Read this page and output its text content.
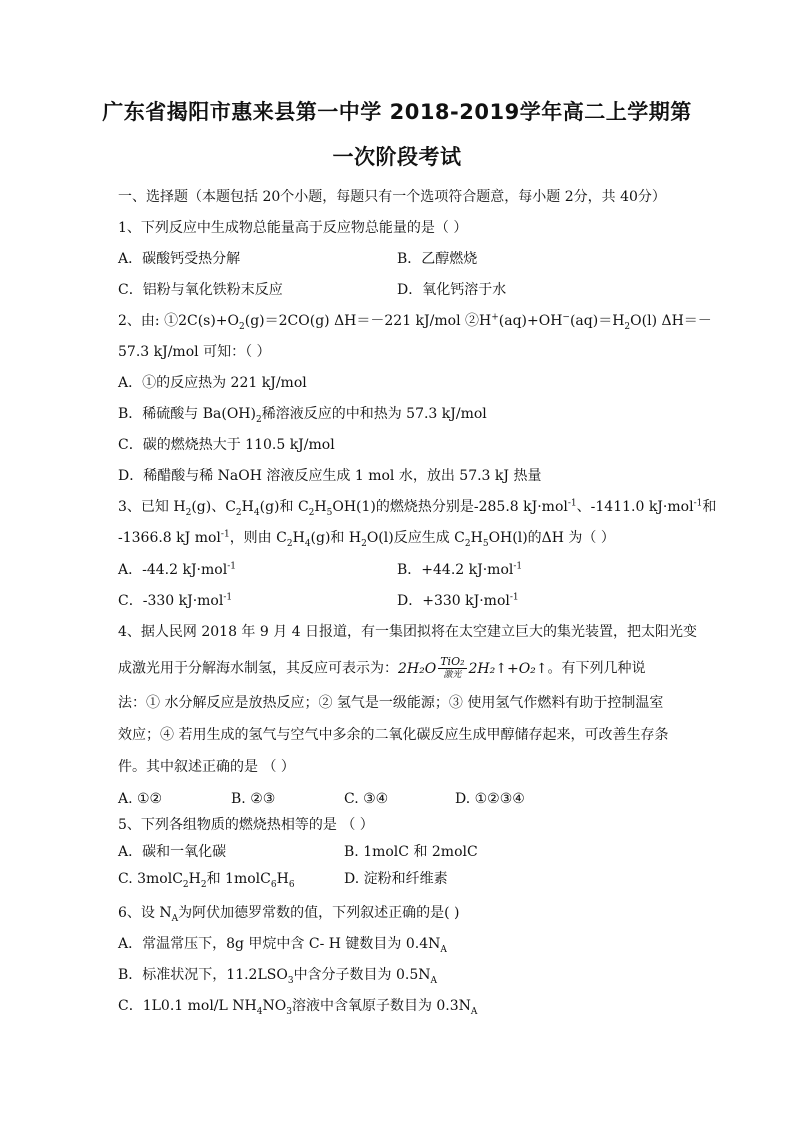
广东省揭阳市惠来县第一中学 2018-2019学年高二上学期第
一次阶段考试
一、选择题（本题包括 20个小题，每题只有一个选项符合题意，每小题 2分，共 40分）
1、下列反应中生成物总能量高于反应物总能量的是（ ）
A．碳酸钙受热分解	B．乙醇燃烧
C．铝粉与氧化铁粉末反应	D．氧化钙溶于水
2、由: $①2C(s)+O_2(g)=2CO(g)$ ΔH＝－221 kJ/mol $②H^+(aq)+OH^-(aq)=H_2O(l)$ ΔH＝－
57.3 kJ/mol 可知：（ ）
A．①的反应热为 221 kJ/mol
B．稀硫酸与 $Ba(OH)_2$稀溶液反应的中和热为 57.3 kJ/mol
C．碳的燃烧热大于 110.5 kJ/mol
D．稀醋酸与稀 NaOH 溶液反应生成 1 mol 水，放出 57.3 kJ 热量
3、已知 $H_2(g)$、$C_2H_4(g)$和 $C_2H_5OH(1)$的燃烧热分别是-285.8 kJ·mol$^{-1}$、-1411.0 kJ·mol$^{-1}$和
-1366.8 kJ mol$^{-1}$，则由 $C_2H_4(g)$和 $H_2O(l)$反应生成 $C_2H_5OH(l)$的ΔH 为（ ）
A．-44.2 kJ·mol$^{-1}$	B．+44.2 kJ·mol$^{-1}$
C．-330 kJ·mol$^{-1}$	D．+330 kJ·mol$^{-1}$
4、据人民网 2018 年 9 月 4 日报道，有一集团拟将在太空建立巨大的集光装置，把太阳光变
成激光用于分解海水制氢，其反应可表示为：$2H_2O \frac{\text{TiO₂}}{\text{激光}}$ 2H₂↑+O₂↑。有下列几种说
法：① 水分解反应是放热反应；② 氢气是一级能源；③ 使用氢气作燃料有助于控制温室
效应；④ 若用生成的氢气与空气中多余的二氧化碳反应生成甲醇储存起来，可改善生存条
件。其中叙述正确的是 （ ）
A. ①②	B. ②③	C. ③④	D. ①②③④
5、下列各组物质的燃烧热相等的是 （ ）
A．碳和一氧化碳	B. 1molC 和 2molC
C. $3molC_2H_2$和 $1molC_6H_6$	D. 淀粉和纤维素
6、设 $N_A$为阿伏加德罗常数的值，下列叙述正确的是( )
A．常温常压下，8g 甲烷中含 C- H 键数目为 $0.4N_A$
B．标准状况下，$11.2LSO_3$中含分子数目为 $0.5N_A$
C．1L0.1 mol/L $NH_4NO_3$溶液中含氧原子数目为 $0.3N_A$
